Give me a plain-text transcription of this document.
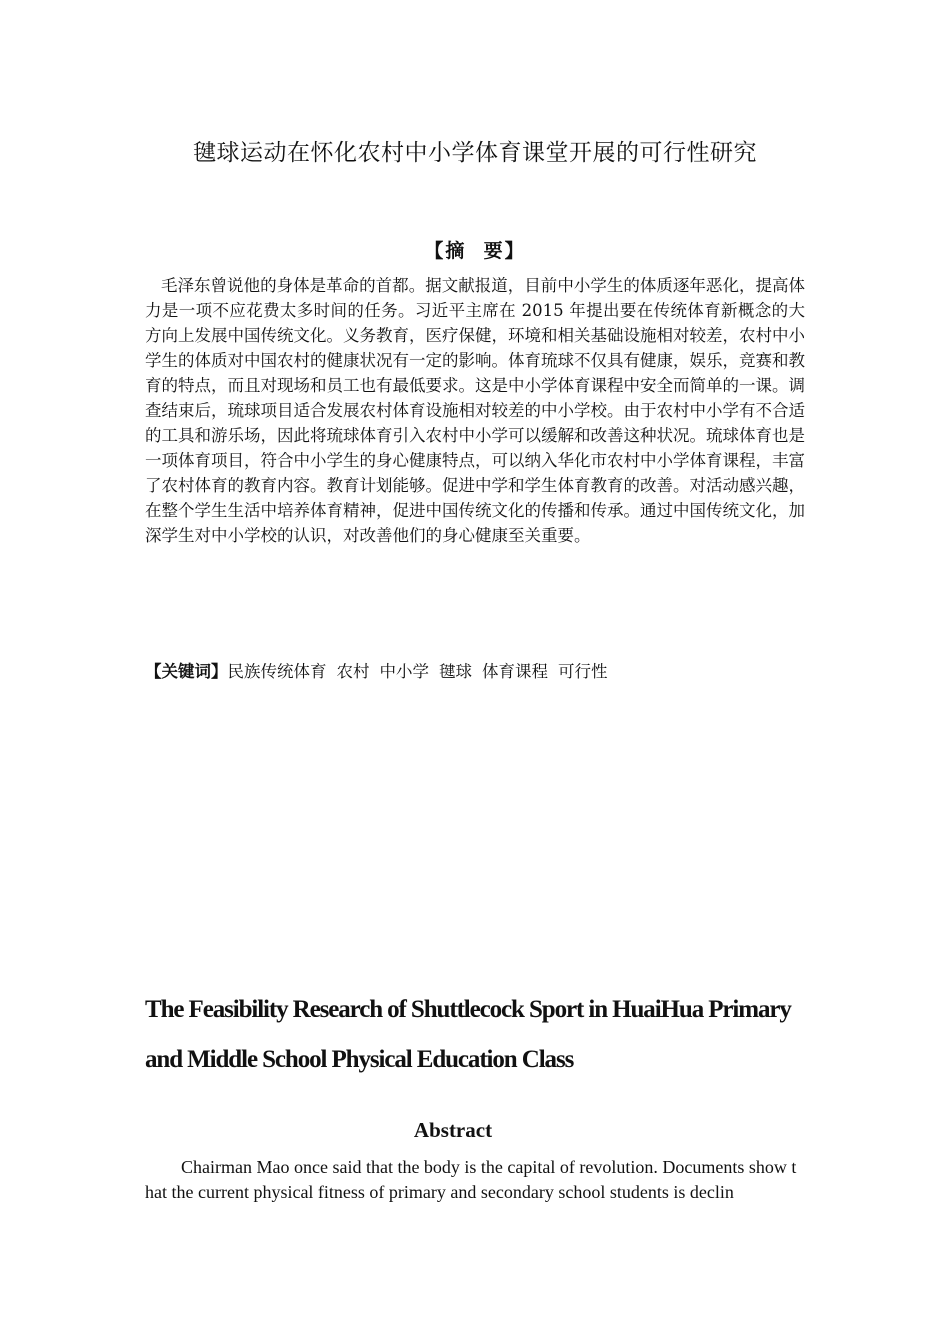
毽球运动在怀化农村中小学体育课堂开展的可行性研究
【摘  要】

毛泽东曾说他的身体是革命的首都。据文献报道，目前中小学生的体质逐年恶化，提高体力是一项不应花费太多时间的任务。习近平主席在 2015 年提出要在传统体育新概念的大方向上发展中国传统文化。义务教育，医疗保健，环境和相关基础设施相对较差，农村中小学生的体质对中国农村的健康状况有一定的影响。体育琉球不仅具有健康，娱乐，竞赛和教育的特点，而且对现场和员工也有最低要求。这是中小学体育课程中安全而简单的一课。调查结束后，琉球项目适合发展农村体育设施相对较差的中小学校。由于农村中小学有不合适的工具和游乐场，因此将琉球体育引入农村中小学可以缓解和改善这种状况。琉球体育也是一项体育项目，符合中小学生的身心健康特点，可以纳入华化市农村中小学体育课程，丰富了农村体育的教育内容。教育计划能够。促进中学和学生体育教育的改善。对活动感兴趣，在整个学生生活中培养体育精神，促进中国传统文化的传播和传承。通过中国传统文化，加深学生对中小学校的认识，对改善他们的身心健康至关重要。

【关键词】民族传统体育 农村 中小学 毽球 体育课程 可行性
The Feasibility Research of Shuttlecock Sport in HuaiHua Primary
and Middle School Physical Education Class
Abstract

Chairman Mao once said that the body is the capital of revolution. Documents show that the current physical fitness of primary and secondary school students is declin
